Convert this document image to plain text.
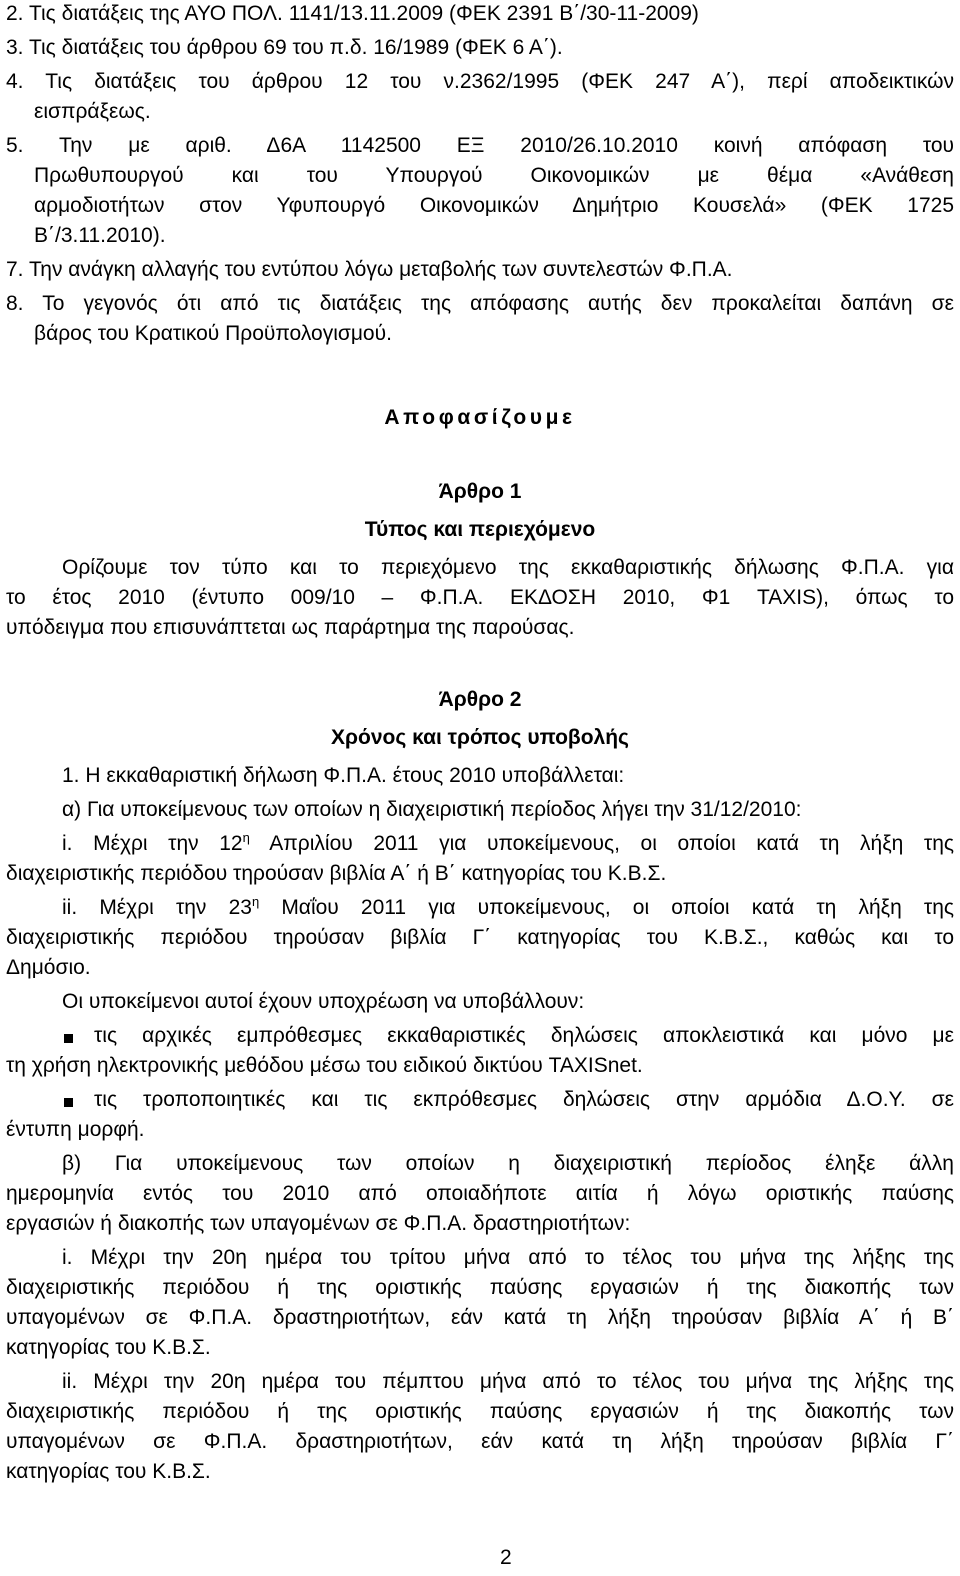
2. Τις διατάξεις της ΑΥΟ ΠΟΛ. 1141/13.11.2009 (ΦΕΚ 2391 Β΄/30-11-2009)
3. Τις διατάξεις του άρθρου 69 του π.δ. 16/1989 (ΦΕΚ 6 Α΄).
4. Τις διατάξεις του άρθρου 12 του ν.2362/1995 (ΦΕΚ 247 Α΄), περί αποδεικτικών
εισπράξεως.
5. Την με αριθ. Δ6Α 1142500 ΕΞ 2010/26.10.2010 κοινή απόφαση του
Πρωθυπουργού και του Υπουργού Οικονομικών με θέμα «Ανάθεση
αρμοδιοτήτων στον Υφυπουργό Οικονομικών Δημήτριο Κουσελά» (ΦΕΚ 1725
Β΄/3.11.2010).
7. Την ανάγκη αλλαγής του εντύπου λόγω μεταβολής των συντελεστών Φ.Π.Α.
8. Το γεγονός ότι από τις διατάξεις της απόφασης αυτής δεν προκαλείται δαπάνη σε
βάρος του Κρατικού Προϋπολογισμού.
Αποφασίζουμε
Άρθρο 1
Τύπος και περιεχόμενο
Ορίζουμε τον τύπο και το περιεχόμενο της εκκαθαριστικής δήλωσης Φ.Π.Α. για
το έτος 2010 (έντυπο 009/10 – Φ.Π.Α. ΕΚΔΟΣΗ 2010, Φ1 TAXIS), όπως το
υπόδειγμα που επισυνάπτεται ως παράρτημα της παρούσας.
Άρθρο 2
Χρόνος και τρόπος υποβολής
1. Η εκκαθαριστική δήλωση Φ.Π.Α. έτους 2010 υποβάλλεται:
α) Για υποκείμενους των οποίων η διαχειριστική περίοδος λήγει την 31/12/2010:
i. Μέχρι την $12^\eta$ Απριλίου 2011 για υποκείμενους, οι οποίοι κατά τη λήξη της
διαχειριστικής περιόδου τηρούσαν βιβλία Α΄ ή Β΄ κατηγορίας του Κ.Β.Σ.
ii. Μέχρι την $23^\eta$ Μαΐου 2011 για υποκείμενους, οι οποίοι κατά τη λήξη της
διαχειριστικής περιόδου τηρούσαν βιβλία Γ΄ κατηγορίας του Κ.Β.Σ., καθώς και το
Δημόσιο.
Οι υποκείμενοι αυτοί έχουν υποχρέωση να υποβάλλουν:
τις αρχικές εμπρόθεσμες εκκαθαριστικές δηλώσεις αποκλειστικά και μόνο με
τη χρήση ηλεκτρονικής μεθόδου μέσω του ειδικού δικτύου TAXISnet.
τις τροποποιητικές και τις εκπρόθεσμες δηλώσεις στην αρμόδια Δ.Ο.Υ. σε
έντυπη μορφή.
β) Για υποκείμενους των οποίων η διαχειριστική περίοδος έληξε άλλη
ημερομηνία εντός του 2010 από οποιαδήποτε αιτία ή λόγω οριστικής παύσης
εργασιών ή διακοπής των υπαγομένων σε Φ.Π.Α. δραστηριοτήτων:
i. Μέχρι την 20η ημέρα του τρίτου μήνα από το τέλος του μήνα της λήξης της
διαχειριστικής περιόδου ή της οριστικής παύσης εργασιών ή της διακοπής των
υπαγομένων σε Φ.Π.Α. δραστηριοτήτων, εάν κατά τη λήξη τηρούσαν βιβλία Α΄ ή Β΄
κατηγορίας του Κ.Β.Σ.
ii. Μέχρι την 20η ημέρα του πέμπτου μήνα από το τέλος του μήνα της λήξης της
διαχειριστικής περιόδου ή της οριστικής παύσης εργασιών ή της διακοπής των
υπαγομένων σε Φ.Π.Α. δραστηριοτήτων, εάν κατά τη λήξη τηρούσαν βιβλία Γ΄
κατηγορίας του Κ.Β.Σ.
2
